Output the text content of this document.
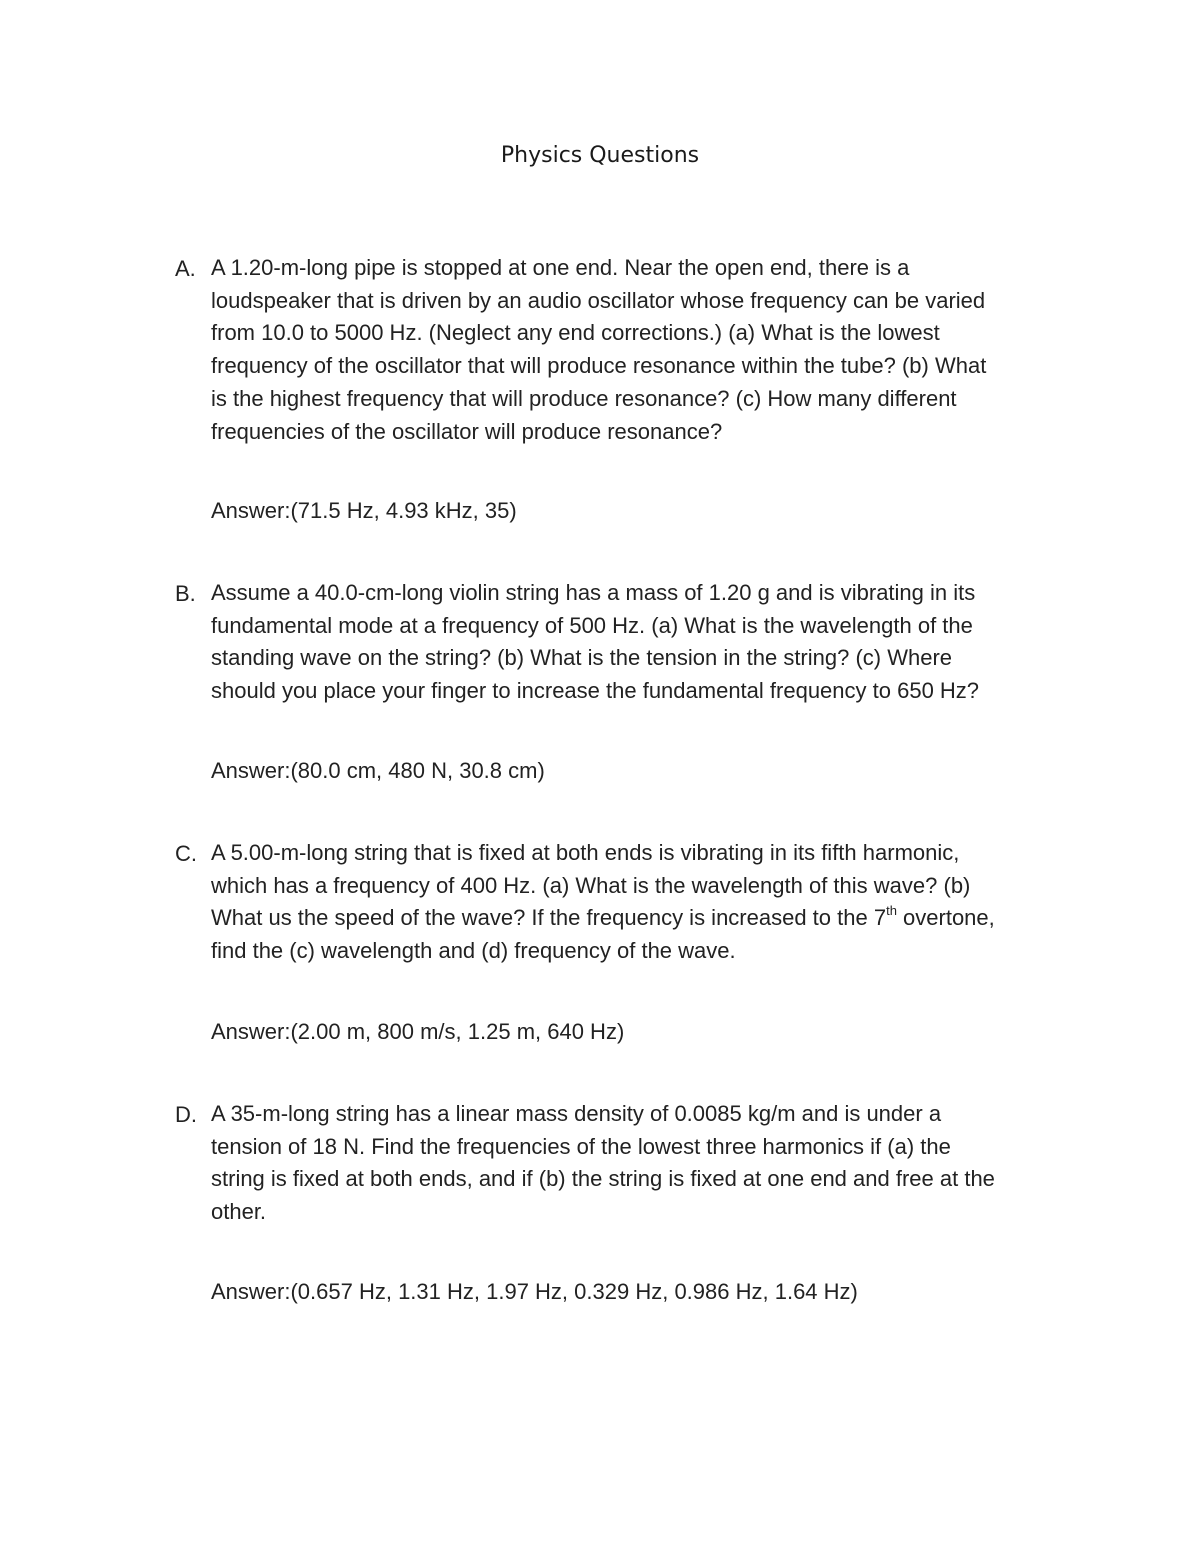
Physics Questions
A. A 1.20-m-long pipe is stopped at one end. Near the open end, there is a
loudspeaker that is driven by an audio oscillator whose frequency can be varied
from 10.0 to 5000 Hz. (Neglect any end corrections.) (a) What is the lowest
frequency of the oscillator that will produce resonance within the tube? (b) What
is the highest frequency that will produce resonance? (c) How many different
frequencies of the oscillator will produce resonance?
Answer:(71.5 Hz, 4.93 kHz, 35)
B. Assume a 40.0-cm-long violin string has a mass of 1.20 g and is vibrating in its
fundamental mode at a frequency of 500 Hz. (a) What is the wavelength of the
standing wave on the string? (b) What is the tension in the string? (c) Where
should you place your finger to increase the fundamental frequency to 650 Hz?
Answer:(80.0 cm, 480 N, 30.8 cm)
C. A 5.00-m-long string that is fixed at both ends is vibrating in its fifth harmonic,
which has a frequency of 400 Hz. (a) What is the wavelength of this wave? (b)
What us the speed of the wave? If the frequency is increased to the 7th overtone,
find the (c) wavelength and (d) frequency of the wave.
Answer:(2.00 m, 800 m/s, 1.25 m, 640 Hz)
D. A 35-m-long string has a linear mass density of 0.0085 kg/m and is under a
tension of 18 N. Find the frequencies of the lowest three harmonics if (a) the
string is fixed at both ends, and if (b) the string is fixed at one end and free at the
other.
Answer:(0.657 Hz, 1.31 Hz, 1.97 Hz, 0.329 Hz, 0.986 Hz, 1.64 Hz)
